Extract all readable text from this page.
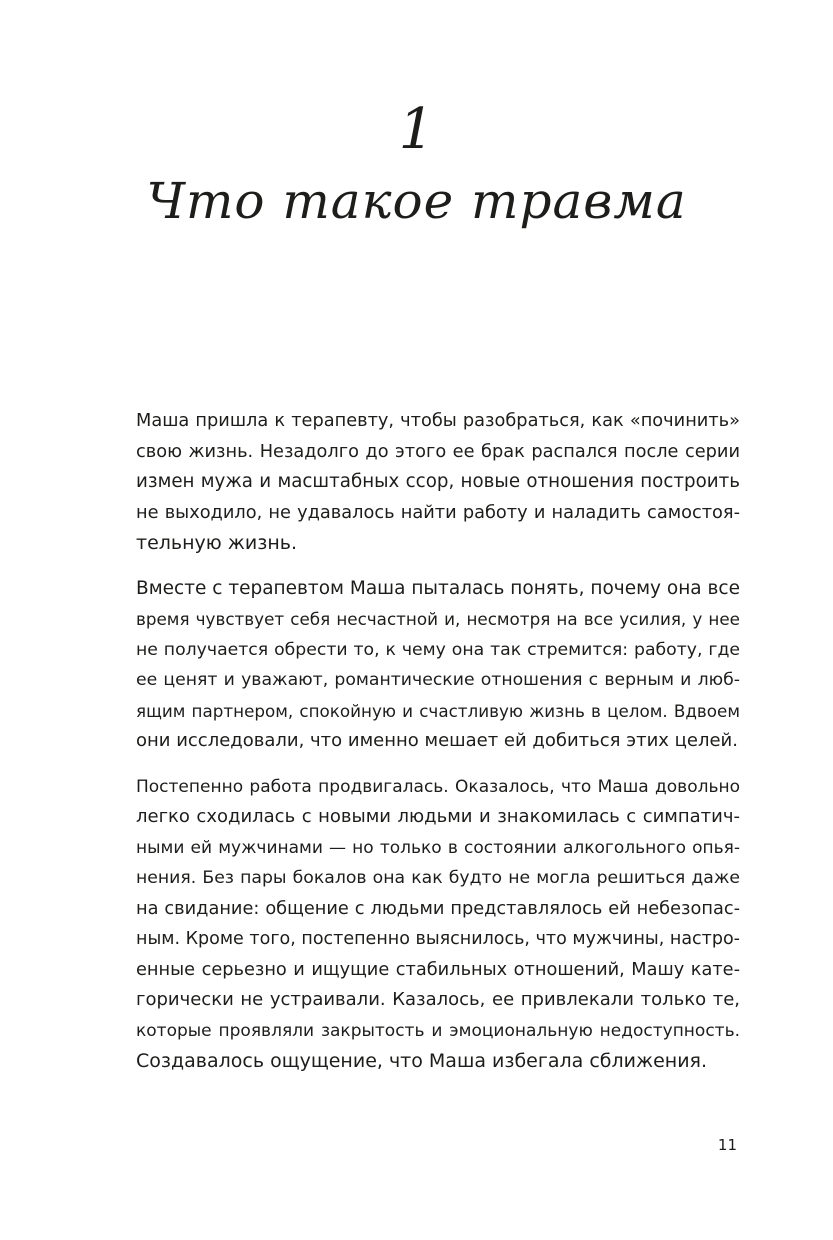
1
Что такое травма
Маша пришла к терапевту, чтобы разобраться, как «починить»
свою жизнь. Незадолго до этого ее брак распался после серии
измен мужа и масштабных ссор, новые отношения построить
не выходило, не удавалось найти работу и наладить самостоя-
тельную жизнь.
Вместе с терапевтом Маша пыталась понять, почему она все
время чувствует себя несчастной и, несмотря на все усилия, у нее
не получается обрести то, к чему она так стремится: работу, где
ее ценят и уважают, романтические отношения с верным и люб-
ящим партнером, спокойную и счастливую жизнь в целом. Вдвоем
они исследовали, что именно мешает ей добиться этих целей.
Постепенно работа продвигалась. Оказалось, что Маша довольно
легко сходилась с новыми людьми и знакомилась с симпатич-
ными ей мужчинами — но только в состоянии алкогольного опья-
нения. Без пары бокалов она как будто не могла решиться даже
на свидание: общение с людьми представлялось ей небезопас-
ным. Кроме того, постепенно выяснилось, что мужчины, настро-
енные серьезно и ищущие стабильных отношений, Машу кате-
горически не устраивали. Казалось, ее привлекали только те,
которые проявляли закрытость и эмоциональную недоступность.
Создавалось ощущение, что Маша избегала сближения.
11
